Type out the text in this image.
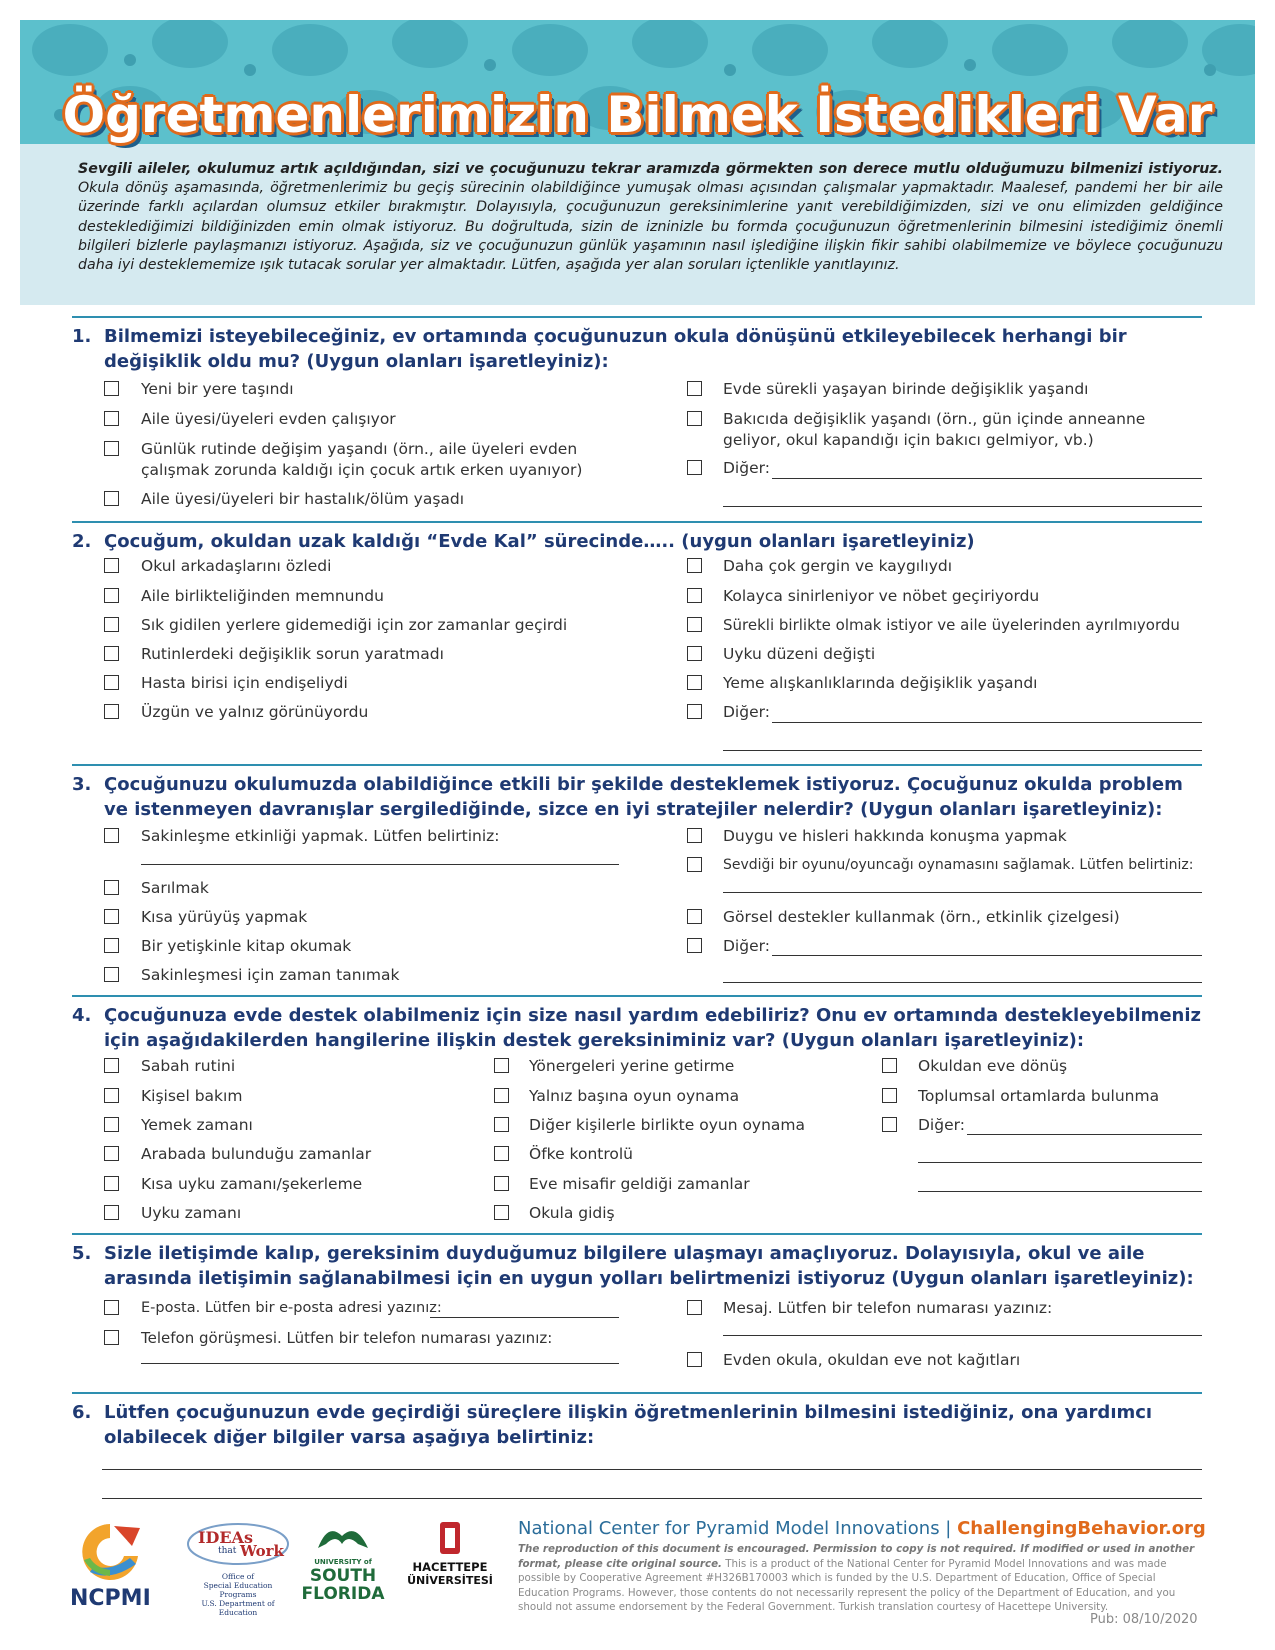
Öğretmenlerimizin Bilmek İstedikleri Var
Sevgili aileler, okulumuz artık açıldığından, sizi ve çocuğunuzu tekrar aramızda görmekten son derece mutlu olduğumuzu bilmenizi istiyoruz. Okula dönüş aşamasında, öğretmenlerimiz bu geçiş sürecinin olabildiğince yumuşak olması açısından çalışmalar yapmaktadır. Maalesef, pandemi her bir aile üzerinde farklı açılardan olumsuz etkiler bırakmıştır. Dolayısıyla, çocuğunuzun gereksinimlerine yanıt verebildiğimizden, sizi ve onu elimizden geldiğince desteklediğimizi bildiğinizden emin olmak istiyoruz. Bu doğrultuda, sizin de izninizle bu formda çocuğunuzun öğretmenlerinin bilmesini istediğimiz önemli bilgileri bizlerle paylaşmanızı istiyoruz. Aşağıda, siz ve çocuğunuzun günlük yaşamının nasıl işlediğine ilişkin fikir sahibi olabilmemize ve böylece çocuğunuzu daha iyi desteklememize ışık tutacak sorular yer almaktadır. Lütfen, aşağıda yer alan soruları içtenlikle yanıtlayınız.
1. Bilmemizi isteyebileceğiniz, ev ortamında çocuğunuzun okula dönüşünü etkileyebilecek herhangi bir değişiklik oldu mu? (Uygun olanları işaretleyiniz):
Yeni bir yere taşındı
Aile üyesi/üyeleri evden çalışıyor
Günlük rutinde değişim yaşandı (örn., aile üyeleri evden
çalışmak zorunda kaldığı için çocuk artık erken uyanıyor)
Aile üyesi/üyeleri bir hastalık/ölüm yaşadı
Evde sürekli yaşayan birinde değişiklik yaşandı
Bakıcıda değişiklik yaşandı (örn., gün içinde anneanne
geliyor, okul kapandığı için bakıcı gelmiyor, vb.)
Diğer:
2. Çocuğum, okuldan uzak kaldığı “Evde Kal” sürecinde….. (uygun olanları işaretleyiniz)
Okul arkadaşlarını özledi
Aile birlikteliğinden memnundu
Sık gidilen yerlere gidemediği için zor zamanlar geçirdi
Rutinlerdeki değişiklik sorun yaratmadı
Hasta birisi için endişeliydi
Üzgün ve yalnız görünüyordu
Daha çok gergin ve kaygılıydı
Kolayca sinirleniyor ve nöbet geçiriyordu
Sürekli birlikte olmak istiyor ve aile üyelerinden ayrılmıyordu
Uyku düzeni değişti
Yeme alışkanlıklarında değişiklik yaşandı
Diğer:
3. Çocuğunuzu okulumuzda olabildiğince etkili bir şekilde desteklemek istiyoruz. Çocuğunuz okulda problem ve istenmeyen davranışlar sergilediğinde, sizce en iyi stratejiler nelerdir? (Uygun olanları işaretleyiniz):
Sakinleşme etkinliği yapmak. Lütfen belirtiniz:
Sarılmak
Kısa yürüyüş yapmak
Bir yetişkinle kitap okumak
Sakinleşmesi için zaman tanımak
Duygu ve hisleri hakkında konuşma yapmak
Sevdiği bir oyunu/oyuncağı oynamasını sağlamak. Lütfen belirtiniz:
Görsel destekler kullanmak (örn., etkinlik çizelgesi)
Diğer:
4. Çocuğunuza evde destek olabilmeniz için size nasıl yardım edebiliriz? Onu ev ortamında destekleyebilmeniz için aşağıdakilerden hangilerine ilişkin destek gereksiniminiz var? (Uygun olanları işaretleyiniz):
Sabah rutini
Kişisel bakım
Yemek zamanı
Arabada bulunduğu zamanlar
Kısa uyku zamanı/şekerleme
Uyku zamanı
Yönergeleri yerine getirme
Yalnız başına oyun oynama
Diğer kişilerle birlikte oyun oynama
Öfke kontrolü
Eve misafir geldiği zamanlar
Okula gidiş
Okuldan eve dönüş
Toplumsal ortamlarda bulunma
Diğer:
5. Sizle iletişimde kalıp, gereksinim duyduğumuz bilgilere ulaşmayı amaçlıyoruz. Dolayısıyla, okul ve aile arasında iletişimin sağlanabilmesi için en uygun yolları belirtmenizi istiyoruz (Uygun olanları işaretleyiniz):
E-posta. Lütfen bir e-posta adresi yazınız:
Telefon görüşmesi. Lütfen bir telefon numarası yazınız:
Mesaj. Lütfen bir telefon numarası yazınız:
Evden okula, okuldan eve not kağıtları
6. Lütfen çocuğunuzun evde geçirdiği süreçlere ilişkin öğretmenlerinin bilmesini istediğiniz, ona yardımcı olabilecek diğer bilgiler varsa aşağıya belirtiniz:
NCPMI
IDEAs
that Work
Office of
Special Education Programs
U.S. Department of Education
UNIVERSITY of
SOUTH
FLORIDA
HACETTEPE
ÜNİVERSİTESİ
National Center for Pyramid Model Innovations | ChallengingBehavior.org
The reproduction of this document is encouraged. Permission to copy is not required. If modified or used in another format, please cite original source. This is a product of the National Center for Pyramid Model Innovations and was made possible by Cooperative Agreement #H326B170003 which is funded by the U.S. Department of Education, Office of Special Education Programs. However, those contents do not necessarily represent the policy of the Department of Education, and you should not assume endorsement by the Federal Government. Turkish translation courtesy of Hacettepe University.
Pub: 08/10/2020
